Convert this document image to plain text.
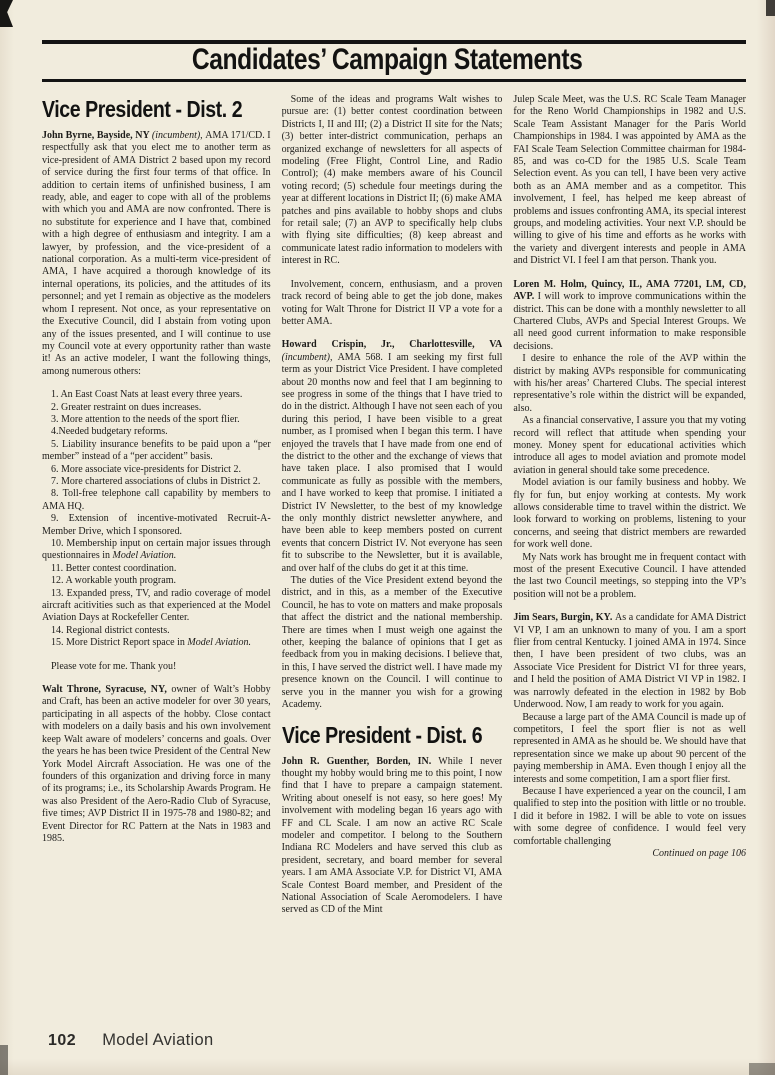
Candidates’ Campaign Statements
Vice President - Dist. 2

John Byrne, Bayside, NY (incumbent), AMA 171/CD. I respectfully ask that you elect me to another term as vice-president of AMA District 2 based upon my record of service during the first four terms of that office. In addition to certain items of unfinished business, I am ready, able, and eager to cope with all of the problems with which you and AMA are now confronted. There is no substitute for experience and I have that, combined with a high degree of enthusiasm and integrity. I am a lawyer, by profession, and the vice-president of a national corporation. As a multi-term vice-president of AMA, I have acquired a thorough knowledge of its internal operations, its policies, and the attitudes of its personnel; and yet I remain as objective as the modelers whom I represent. Not once, as your representative on the Executive Council, did I abstain from voting upon any of the issues presented, and I will continue to use my Council vote at every opportunity rather than waste it! As an active modeler, I want the following things, among numerous others:

1. An East Coast Nats at least every three years.

2. Greater restraint on dues increases.

3. More attention to the needs of the sport flier.

4.Needed budgetary reforms.

5. Liability insurance benefits to be paid upon a “per member” instead of a “per accident” basis.

6. More associate vice-presidents for District 2.

7. More chartered associations of clubs in District 2.

8. Toll-free telephone call capability by members to AMA HQ.

9. Extension of incentive-motivated Recruit-A-Member Drive, which I sponsored.

10. Membership input on certain major issues through questionnaires in Model Aviation.

11. Better contest coordination.

12. A workable youth program.

13. Expanded press, TV, and radio coverage of model aircraft acitivities such as that experienced at the Model Aviation Days at Rockefeller Center.

14. Regional district contests.

15. More District Report space in Model Aviation.

Please vote for me. Thank you!

Walt Throne, Syracuse, NY, owner of Walt’s Hobby and Craft, has been an active modeler for over 30 years, participating in all aspects of the hobby. Close contact with modelers on a daily basis and his own involvement keep Walt aware of modelers’ concerns and goals. Over the years he has been twice President of the Central New York Model Aircraft Association. He was one of the founders of this organization and driving force in many of its programs; i.e., its Scholarship Awards Program. He was also President of the Aero-Radio Club of Syracuse, five times; AVP District II in 1975-78 and 1980-82; and Event Director for RC Pattern at the Nats in 1983 and 1985.

Some of the ideas and programs Walt wishes to pursue are: (1) better contest coordination between Districts I, II and III; (2) a District II site for the Nats; (3) better inter-district communication, perhaps an organized exchange of newsletters for all aspects of modeling (Free Flight, Control Line, and Radio Control); (4) make members aware of his Council voting record; (5) schedule four meetings during the year at different locations in District II; (6) make AMA patches and pins available to hobby shops and clubs for retail sale; (7) an AVP to specifically help clubs with flying site difficulties; (8) keep abreast and communicate latest radio information to modelers with interest in RC.

Involvement, concern, enthusiasm, and a proven track record of being able to get the job done, makes voting for Walt Throne for District II VP a vote for a better AMA.

Howard Crispin, Jr., Charlottesville, VA (incumbent), AMA 568. I am seeking my first full term as your District Vice President. I have completed about 20 months now and feel that I am beginning to see progress in some of the things that I have tried to do in the district. Although I have not seen each of you during this period, I have been visible to a great number, as I promised when I began this term. I have enjoyed the travels that I have made from one end of the district to the other and the exchange of views that have taken place. I also promised that I would communicate as fully as possible with the members, and I have worked to keep that promise. I initiated a District IV Newsletter, to the best of my knowledge the only monthly district newsletter anywhere, and have been able to keep members posted on current events that concern District IV. Not everyone has seen fit to subscribe to the Newsletter, but it is available, and over half of the clubs do get it at this time.

The duties of the Vice President extend beyond the district, and in this, as a member of the Executive Council, he has to vote on matters and make proposals that affect the district and the national membership. There are times when I must weigh one against the other, keeping the balance of opinions that I get as feedback from you in making decisions. I believe that, in this, I have served the district well. I have made my presence known on the Council. I will continue to serve you in the manner you wish for a growing Academy.

Vice President - Dist. 6

John R. Guenther, Borden, IN. While I never thought my hobby would bring me to this point, I now find that I have to prepare a campaign statement. Writing about oneself is not easy, so here goes! My involvement with modeling began 16 years ago with FF and CL Scale. I am now an active RC Scale modeler and competitor. I belong to the Southern Indiana RC Modelers and have served this club as president, secretary, and board member for several years. I am AMA Associate V.P. for District VI, AMA Scale Contest Board member, and President of the National Association of Scale Aeromodelers. I have served as CD of the Mint

Julep Scale Meet, was the U.S. RC Scale Team Manager for the Reno World Championships in 1982 and U.S. Scale Team Assistant Manager for the Paris World Championships in 1984. I was appointed by AMA as the FAI Scale Team Selection Committee chairman for 1984-85, and was co-CD for the 1985 U.S. Scale Team Selection event. As you can tell, I have been very active both as an AMA member and as a competitor. This involvement, I feel, has helped me keep abreast of problems and issues confronting AMA, its special interest groups, and modeling activities. Your next V.P. should be willing to give of his time and efforts as he works with the variety and divergent interests and people in AMA and District VI. I feel I am that person. Thank you.

Loren M. Holm, Quincy, IL, AMA 77201, LM, CD, AVP. I will work to improve communications within the district. This can be done with a monthly newsletter to all Chartered Clubs, AVPs and Special Interest Groups. We all need good current information to make responsible decisions.

I desire to enhance the role of the AVP within the district by making AVPs responsible for communicating with his/her areas’ Chartered Clubs. The special interest representative’s role within the district will be expanded, also.

As a financial conservative, I assure you that my voting record will reflect that attitude when spending your money. Money spent for educational activities which introduce all ages to model aviation and promote model aviation in general should take some precedence.

Model aviation is our family business and hobby. We fly for fun, but enjoy working at contests. My work allows considerable time to travel within the district. We look forward to working on problems, listening to your concerns, and seeing that district members are rewarded for work well done.

My Nats work has brought me in frequent contact with most of the present Executive Council. I have attended the last two Council meetings, so stepping into the VP’s position will not be a problem.

Jim Sears, Burgin, KY. As a candidate for AMA District VI VP, I am an unknown to many of you. I am a sport flier from central Kentucky. I joined AMA in 1974. Since then, I have been president of two clubs, was an Associate Vice President for District VI for three years, and I held the position of AMA District VI VP in 1982. I was narrowly defeated in the election in 1982 by Bob Underwood. Now, I am ready to work for you again.

Because a large part of the AMA Council is made up of competitors, I feel the sport flier is not as well represented in AMA as he should be. We should have that representation since we make up about 90 percent of the paying membership in AMA. Even though I enjoy all the interests and some competition, I am a sport flier first.

Because I have experienced a year on the council, I am qualified to step into the position with little or no trouble. I did it before in 1982. I will be able to vote on issues with some degree of confidence. I would feel very comfortable challenging

Continued on page 106

102 Model Aviation
